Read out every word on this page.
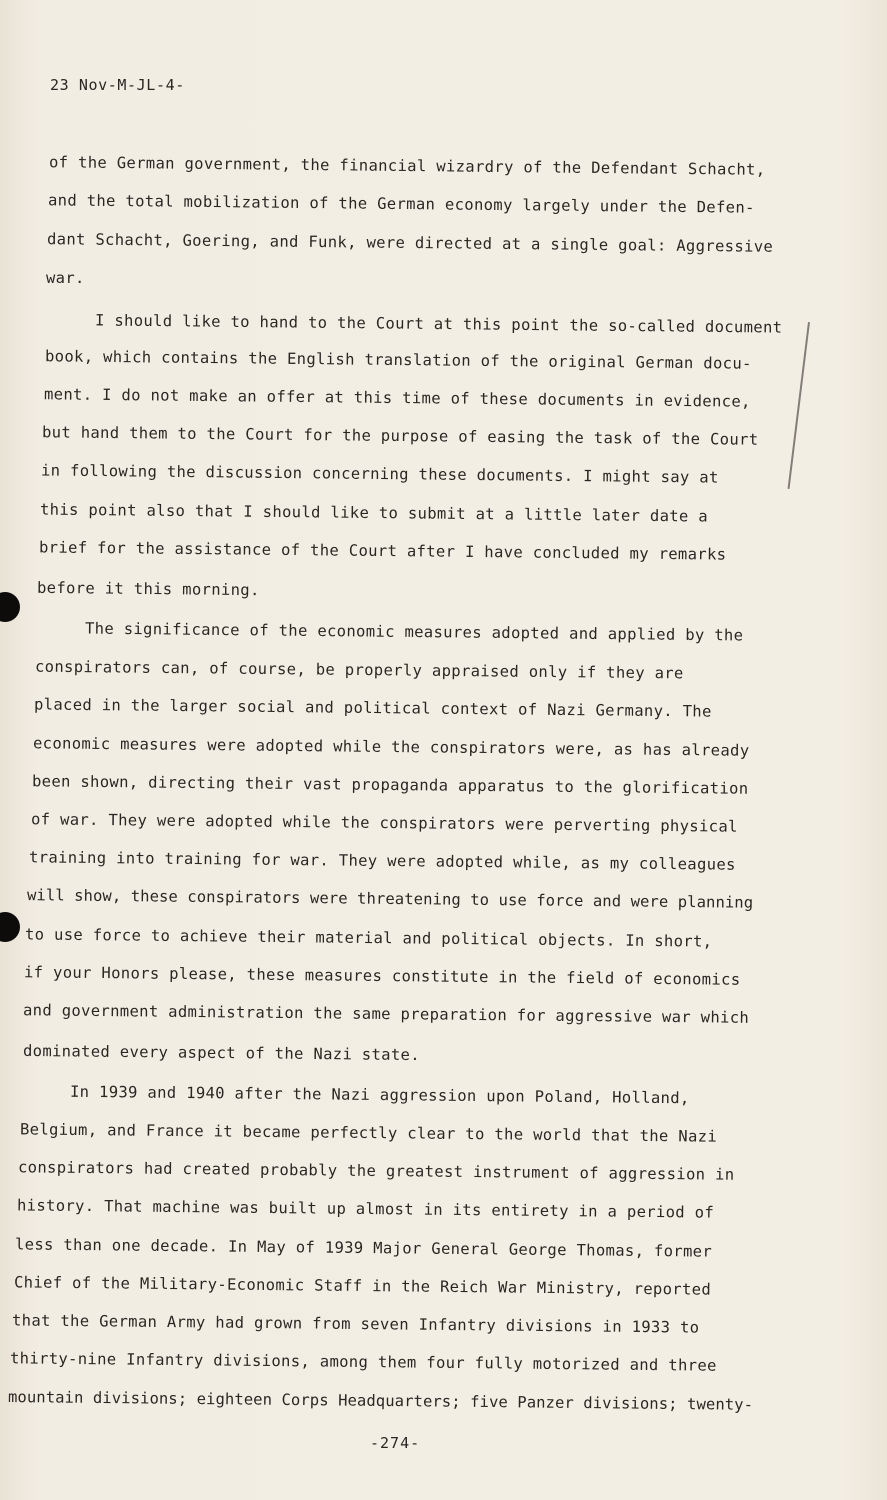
23 Nov-M-JL-4-
of the German government, the financial wizardry of the Defendant Schacht,
and the total mobilization of the German economy largely under the Defen-
dant Schacht, Goering, and Funk, were directed at a single goal: Aggressive
war.
I should like to hand to the Court at this point the so-called document
book, which contains the English translation of the original German docu-
ment. I do not make an offer at this time of these documents in evidence,
but hand them to the Court for the purpose of easing the task of the Court
in following the discussion concerning these documents. I might say at
this point also that I should like to submit at a little later date a
brief for the assistance of the Court after I have concluded my remarks
before it this morning.
The significance of the economic measures adopted and applied by the
conspirators can, of course, be properly appraised only if they are
placed in the larger social and political context of Nazi Germany. The
economic measures were adopted while the conspirators were, as has already
been shown, directing their vast propaganda apparatus to the glorification
of war. They were adopted while the conspirators were perverting physical
training into training for war. They were adopted while, as my colleagues
will show, these conspirators were threatening to use force and were planning
to use force to achieve their material and political objects. In short,
if your Honors please, these measures constitute in the field of economics
and government administration the same preparation for aggressive war which
dominated every aspect of the Nazi state.
In 1939 and 1940 after the Nazi aggression upon Poland, Holland,
Belgium, and France it became perfectly clear to the world that the Nazi
conspirators had created probably the greatest instrument of aggression in
history. That machine was built up almost in its entirety in a period of
less than one decade. In May of 1939 Major General George Thomas, former
Chief of the Military-Economic Staff in the Reich War Ministry, reported
that the German Army had grown from seven Infantry divisions in 1933 to
thirty-nine Infantry divisions, among them four fully motorized and three
mountain divisions; eighteen Corps Headquarters; five Panzer divisions; twenty-
-274-
